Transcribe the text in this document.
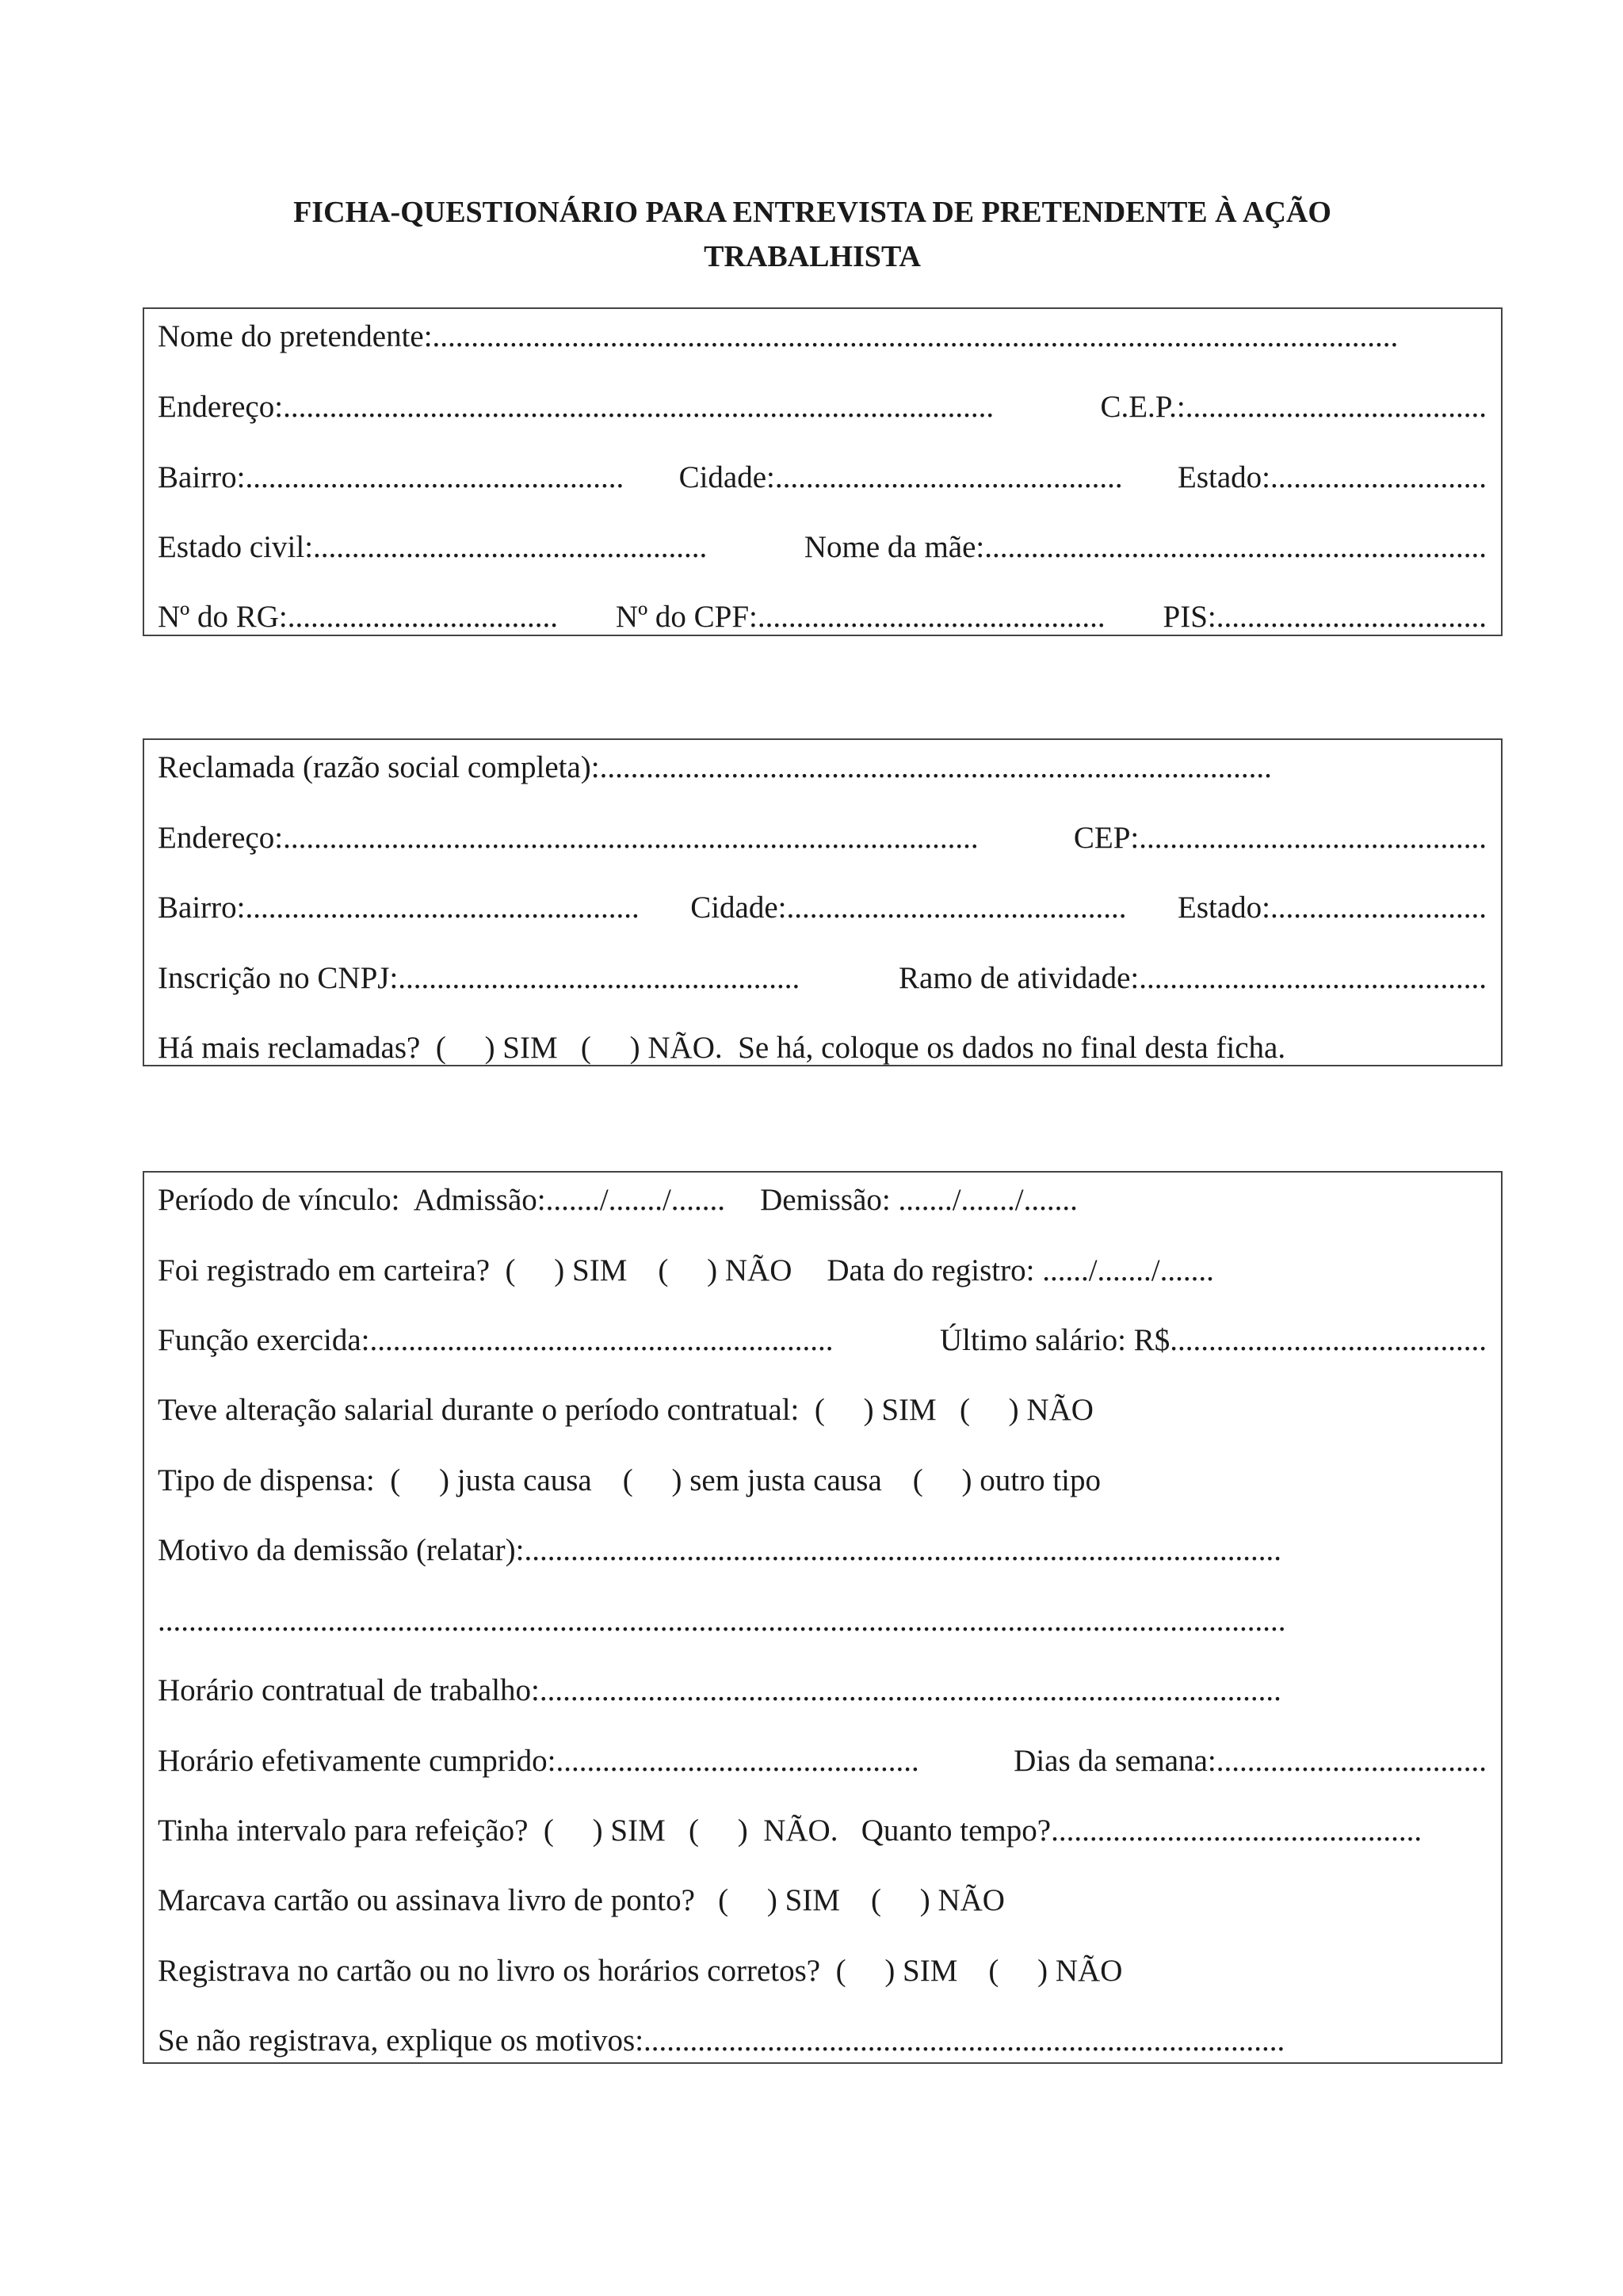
FICHA-QUESTIONÁRIO PARA ENTREVISTA DE PRETENDENTE À AÇÃO
TRABALHISTA
Nome do pretendente:.............................................................................................................................
Endereço:............................................................................................	C.E.P.:.......................................
Bairro:................................................. Cidade:............................................. Estado:............................
Estado civil:...................................................	Nome da mãe:.................................................................
Nº do RG:................................... Nº do CPF:............................................. PIS:...................................
Reclamada (razão social completa):.......................................................................................
Endereço:..........................................................................................	CEP:.............................................
Bairro:................................................... Cidade:............................................ Estado:............................
Inscrição no CNPJ:....................................................	Ramo de atividade:.............................................
Há mais reclamadas?  (     ) SIM   (     ) NÃO.  Se há, coloque os dados no final desta ficha.
Período de vínculo:  Admissão:......./......./....... Demissão: ......./......./.......
Foi registrado em carteira?  (     ) SIM    (     ) NÃO Data do registro: ....../......./.......
Função exercida:............................................................	Último salário: R$.........................................
Teve alteração salarial durante o período contratual:  (     ) SIM   (     ) NÃO
Tipo de dispensa:  (     ) justa causa    (     ) sem justa causa    (     ) outro tipo
Motivo da demissão (relatar):..................................................................................................
..................................................................................................................................................
Horário contratual de trabalho:................................................................................................
Horário efetivamente cumprido:...............................................	Dias da semana:...................................
Tinha intervalo para refeição?  (     ) SIM   (     )  NÃO.   Quanto tempo?................................................
Marcava cartão ou assinava livro de ponto?   (     ) SIM    (     ) NÃO
Registrava no cartão ou no livro os horários corretos?  (     ) SIM    (     ) NÃO
Se não registrava, explique os motivos:...................................................................................
